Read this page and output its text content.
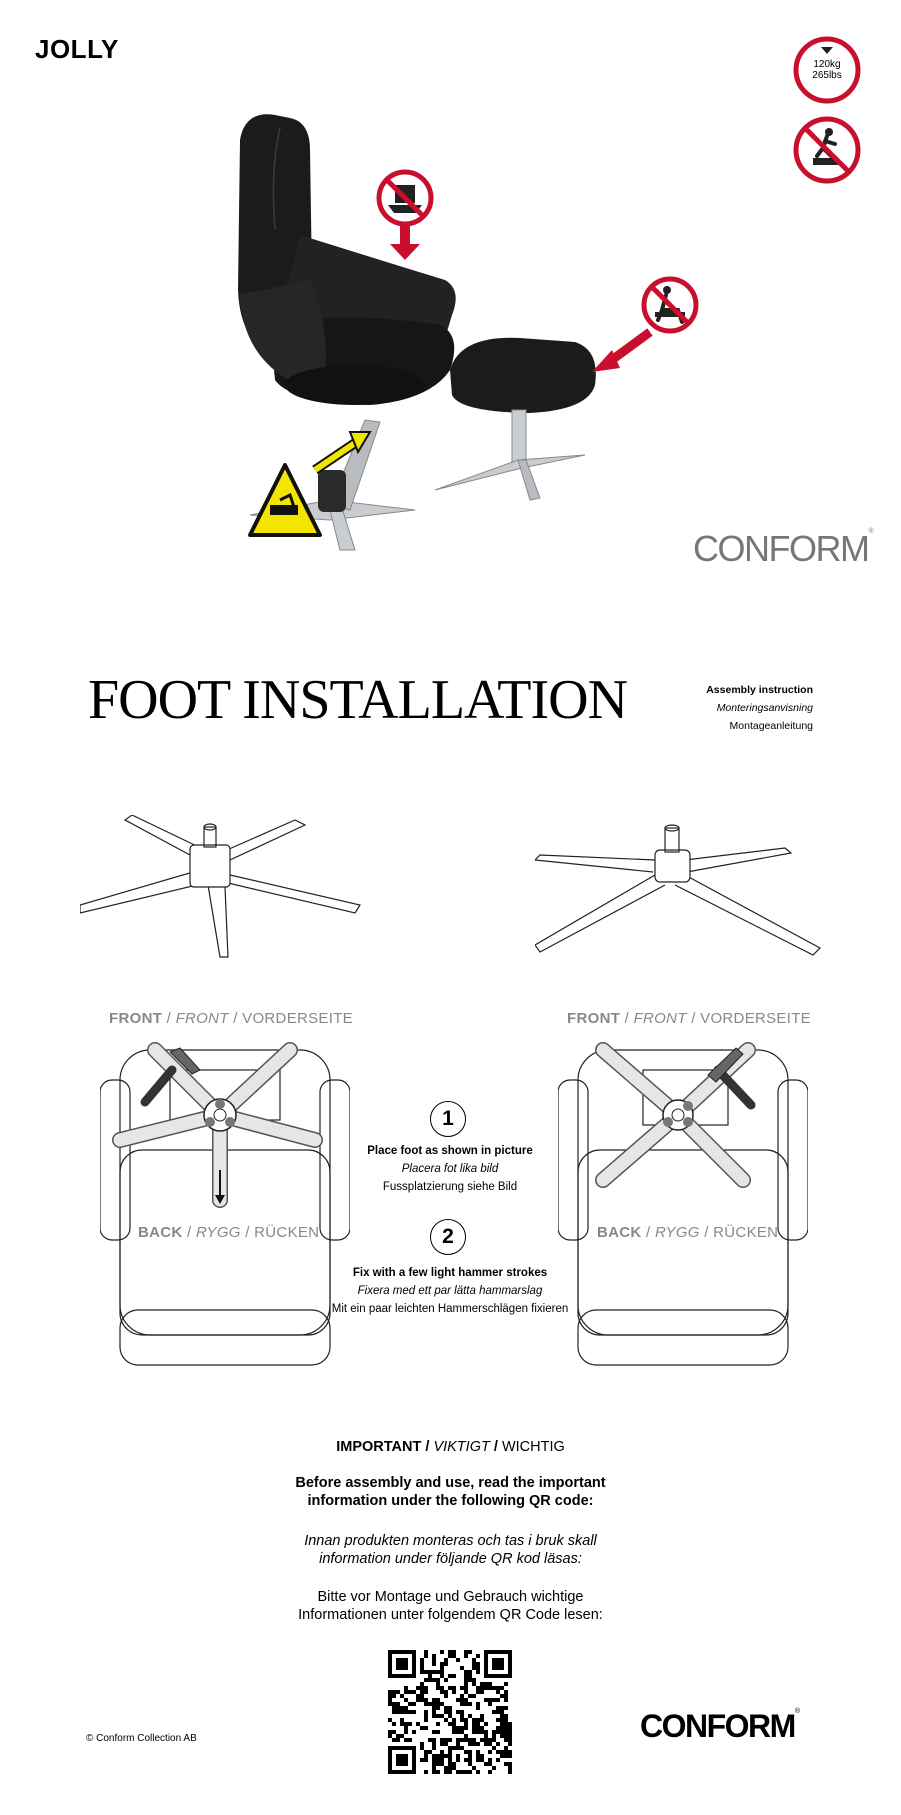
JOLLY
120kg
265lbs
CONFORM®
FOOT INSTALLATION	Assembly instruction
Monteringsanvisning
Montageanleitung
FRONT / FRONT / VORDERSEITE	FRONT / FRONT / VORDERSEITE
BACK / RYGG / RÜCKEN	BACK / RYGG / RÜCKEN
1
Place foot as shown in picture
Placera fot lika bild
Fussplatzierung siehe Bild
2
Fix with a few light hammer strokes
Fixera med ett par lätta hammarslag
Mit ein paar leichten Hammerschlägen fixieren
IMPORTANT / VIKTIGT / WICHTIG
Before assembly and use, read the important
information under the following QR code:
Innan produkten monteras och tas i bruk skall
information under följande QR kod läsas:
Bitte vor Montage und Gebrauch wichtige
Informationen unter folgendem QR Code lesen:
© Conform Collection AB	CONFORM®
